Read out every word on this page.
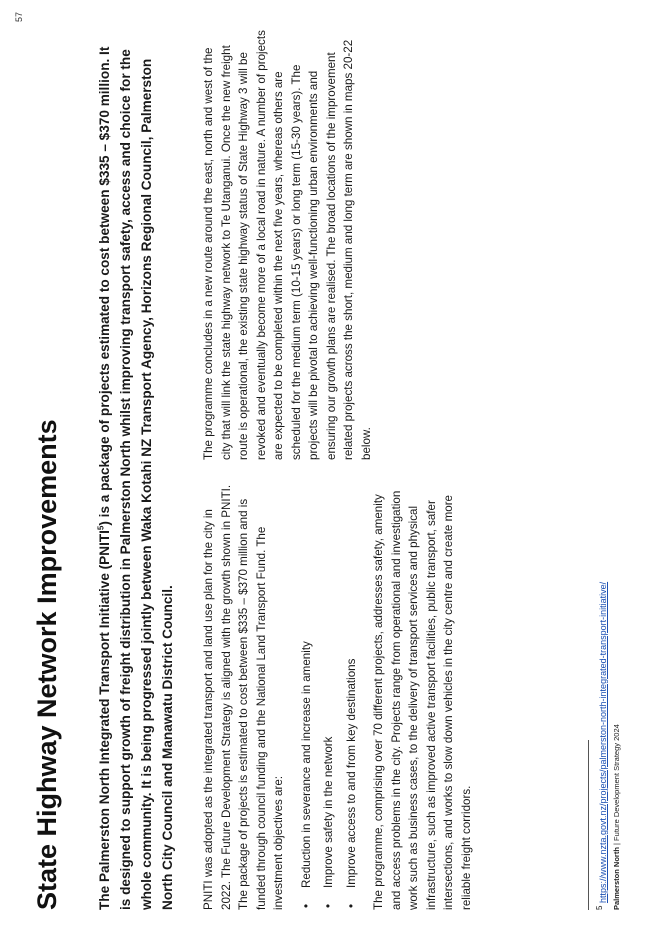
57
State Highway Network Improvements	The Palmerston North Integrated Transport Initiative (PNITI$^5$) is a package of projects estimated to cost between $335 – $370 million. It is designed to support growth of freight distribution in Palmerston North whilst improving transport safety, access and choice for the whole community. It is being progressed jointly between Waka Kotahi NZ Transport Agency, Horizons Regional Council, Palmerston North City Council and Manawatu District Council. PNITI was adopted as the integrated transport and land use plan for the city in 2022. The Future Development Strategy is aligned with the growth shown in PNITI. The package of projects is estimated to cost between $335 – $370 million and is funded through council funding and the National Land Transport Fund. The investment objectives are: •
Reduction in severance and increase in amenity
•
Improve safety in the network
•
Improve access to and from key destinations The programme, comprising over 70 different projects, addresses safety, amenity and access problems in the city. Projects range from operational and investigation work such as business cases, to the delivery of transport services and physical infrastructure, such as improved active transport facilities, public transport, safer intersections, and works to slow down vehicles in the city centre and create more reliable freight corridors.

The programme concludes in a new route around the east, north and west of the city that will link the state highway network to Te Utanganui. Once the new freight route is operational, the existing state highway status of State Highway 3 will be revoked and eventually become more of a local road in nature. A number of projects are expected to be completed within the next five years, whereas others are scheduled for the medium term (10-15 years) or long term (15-30 years). The projects will be pivotal to achieving well-functioning urban environments and ensuring our growth plans are realised. The broad locations of the improvement related projects across the short, medium and long term are shown in maps 20-22 below.

$^5$ https://www.nzta.govt.nz/projects/palmerston-north-integrated-transport-initiative/ Palmerston North | Future Development Strategy 2024
